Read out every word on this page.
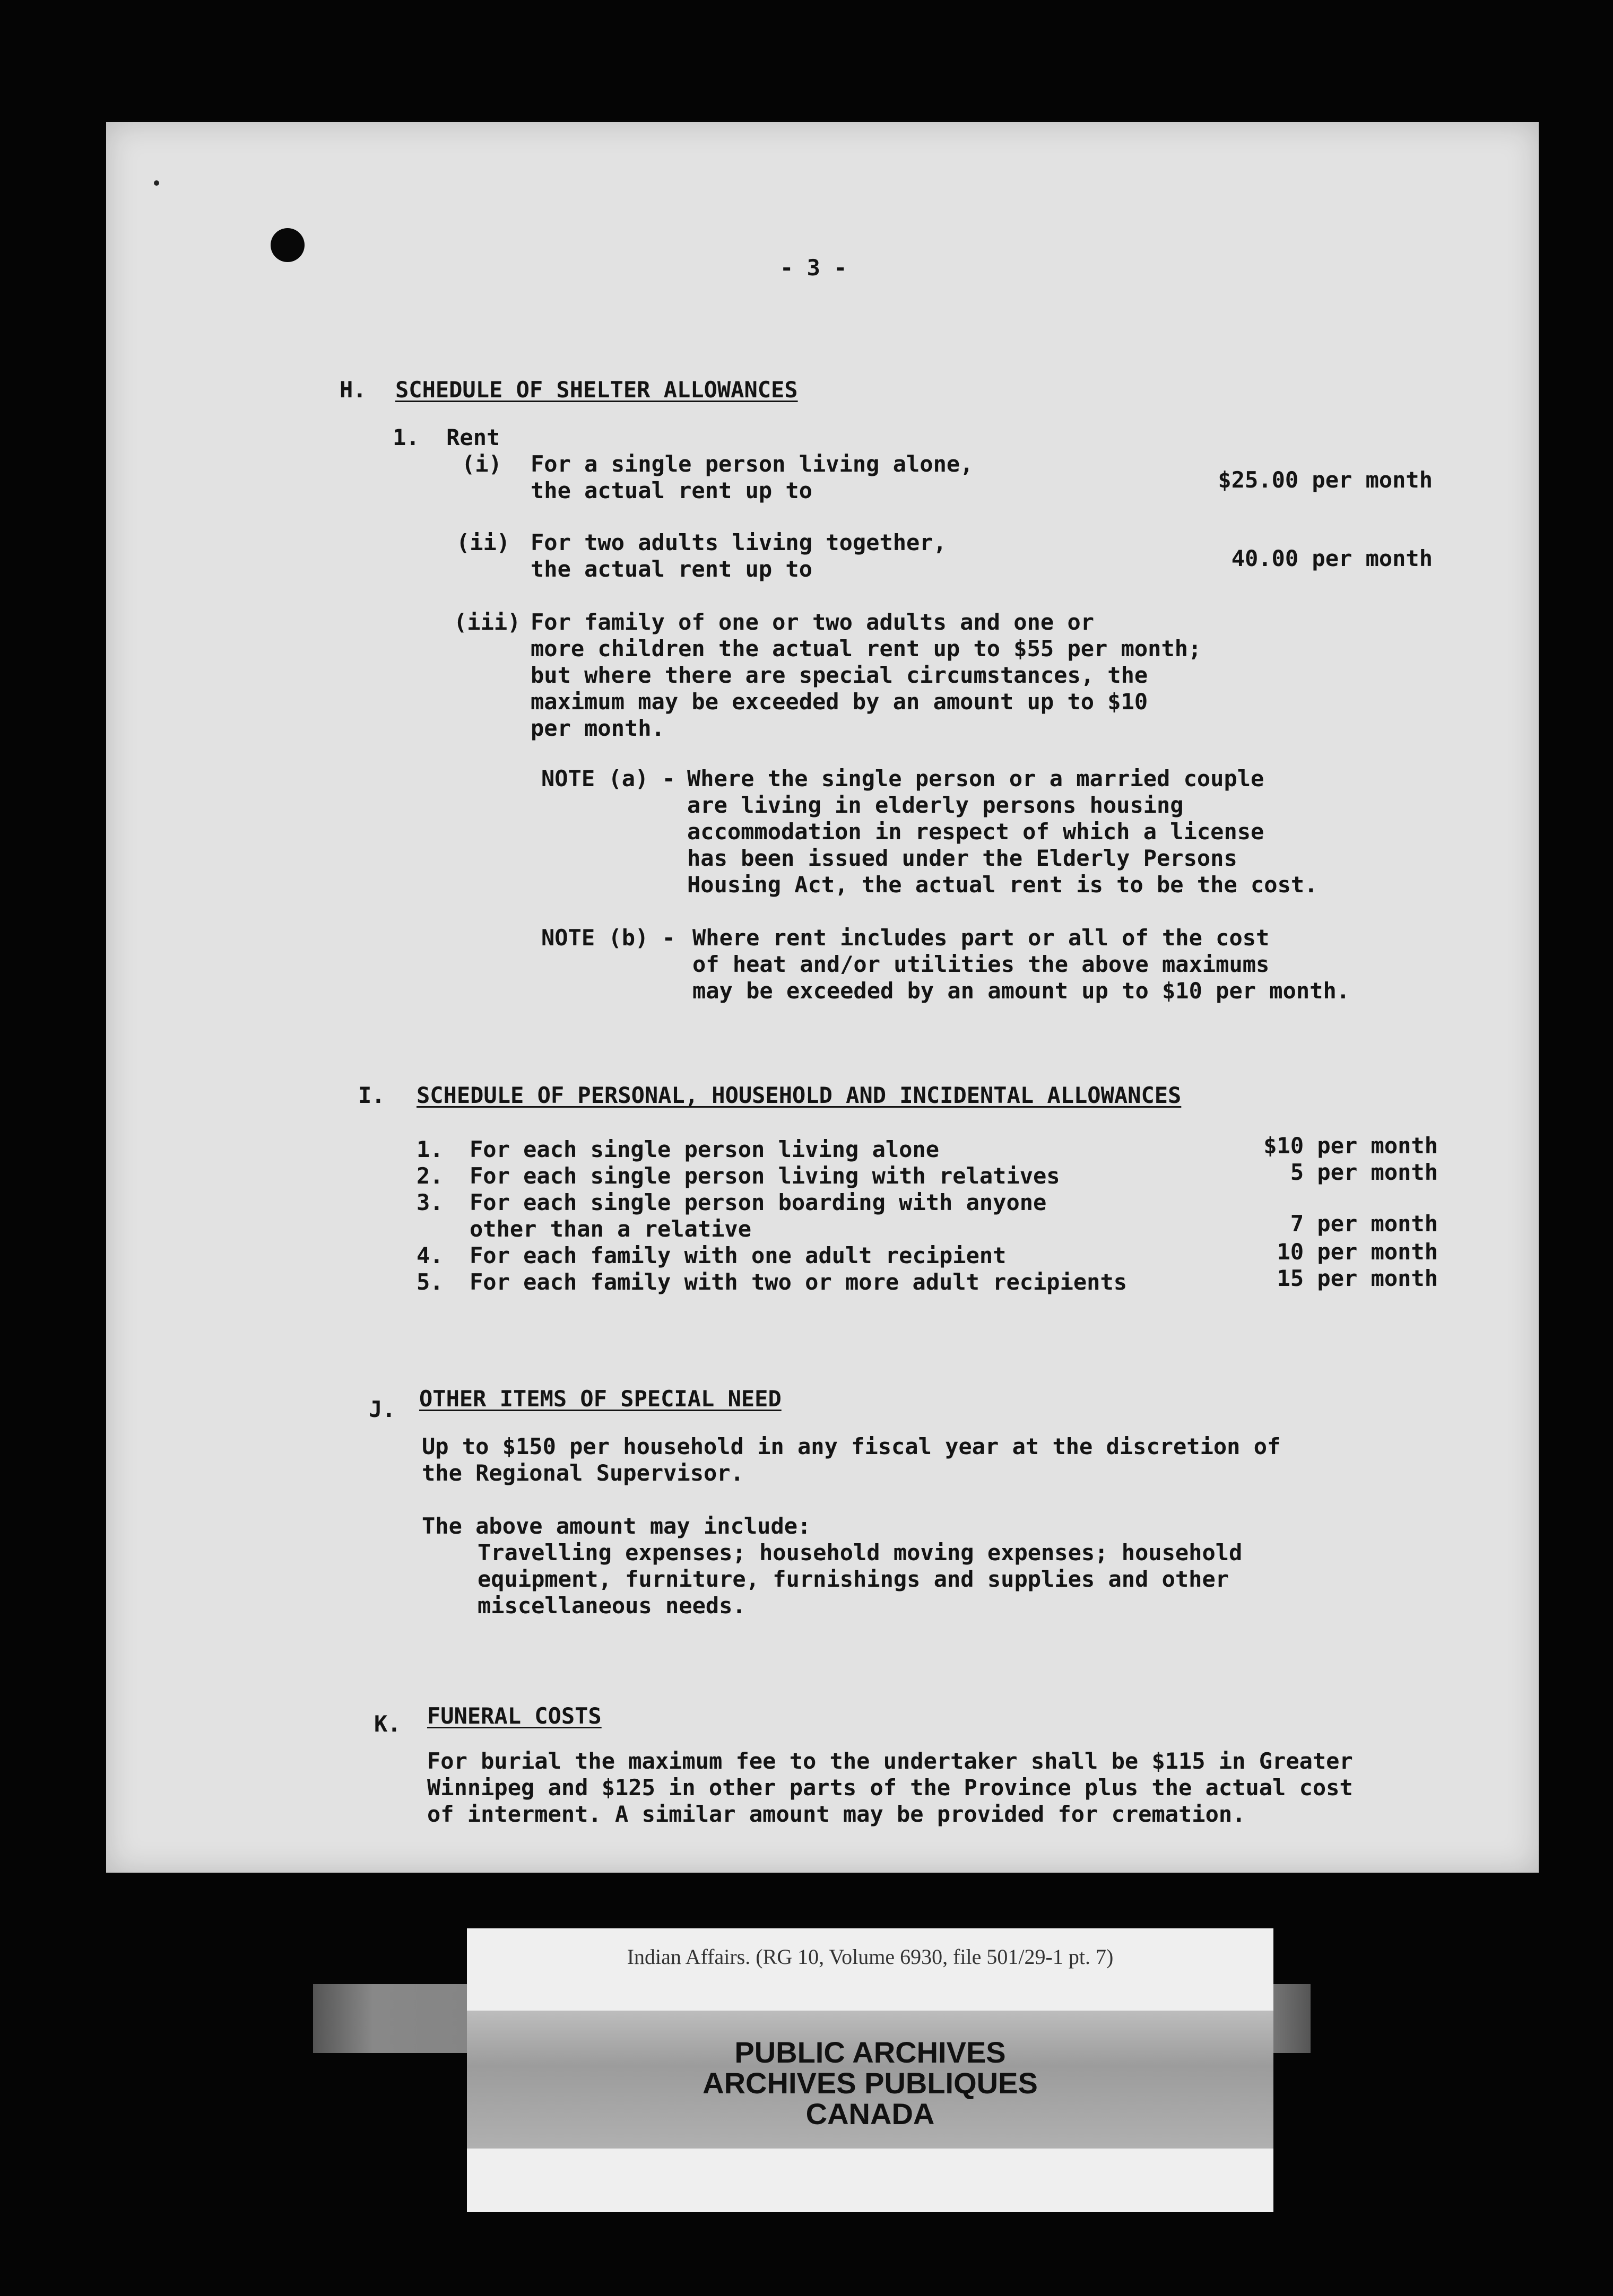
- 3 -
H. SCHEDULE OF SHELTER ALLOWANCES
1.  Rent
(i) For a single person living alone,
the actual rent up to	$25.00 per month
(ii) For two adults living together,
the actual rent up to	40.00 per month
(iii) For family of one or two adults and one or
more children the actual rent up to $55 per month;
but where there are special circumstances, the
maximum may be exceeded by an amount up to $10
per month.
NOTE (a) - Where the single person or a married couple
are living in elderly persons housing
accommodation in respect of which a license
has been issued under the Elderly Persons
Housing Act, the actual rent is to be the cost.
NOTE (b) - Where rent includes part or all of the cost
of heat and/or utilities the above maximums
may be exceeded by an amount up to $10 per month.
I. SCHEDULE OF PERSONAL, HOUSEHOLD AND INCIDENTAL ALLOWANCES
1. For each single person living alone	$10 per month
2. For each single person living with relatives	5 per month
3. For each single person boarding with anyone
other than a relative	7 per month
4. For each family with one adult recipient	10 per month
5. For each family with two or more adult recipients	15 per month
J. OTHER ITEMS OF SPECIAL NEED
Up to $150 per household in any fiscal year at the discretion of
the Regional Supervisor.
The above amount may include:
Travelling expenses; household moving expenses; household
equipment, furniture, furnishings and supplies and other
miscellaneous needs.
K. FUNERAL COSTS
For burial the maximum fee to the undertaker shall be $115 in Greater
Winnipeg and $125 in other parts of the Province plus the actual cost
of interment. A similar amount may be provided for cremation.
Indian Affairs. (RG 10, Volume 6930, file 501/29-1 pt. 7)
PUBLIC ARCHIVES
ARCHIVES PUBLIQUES
CANADA
